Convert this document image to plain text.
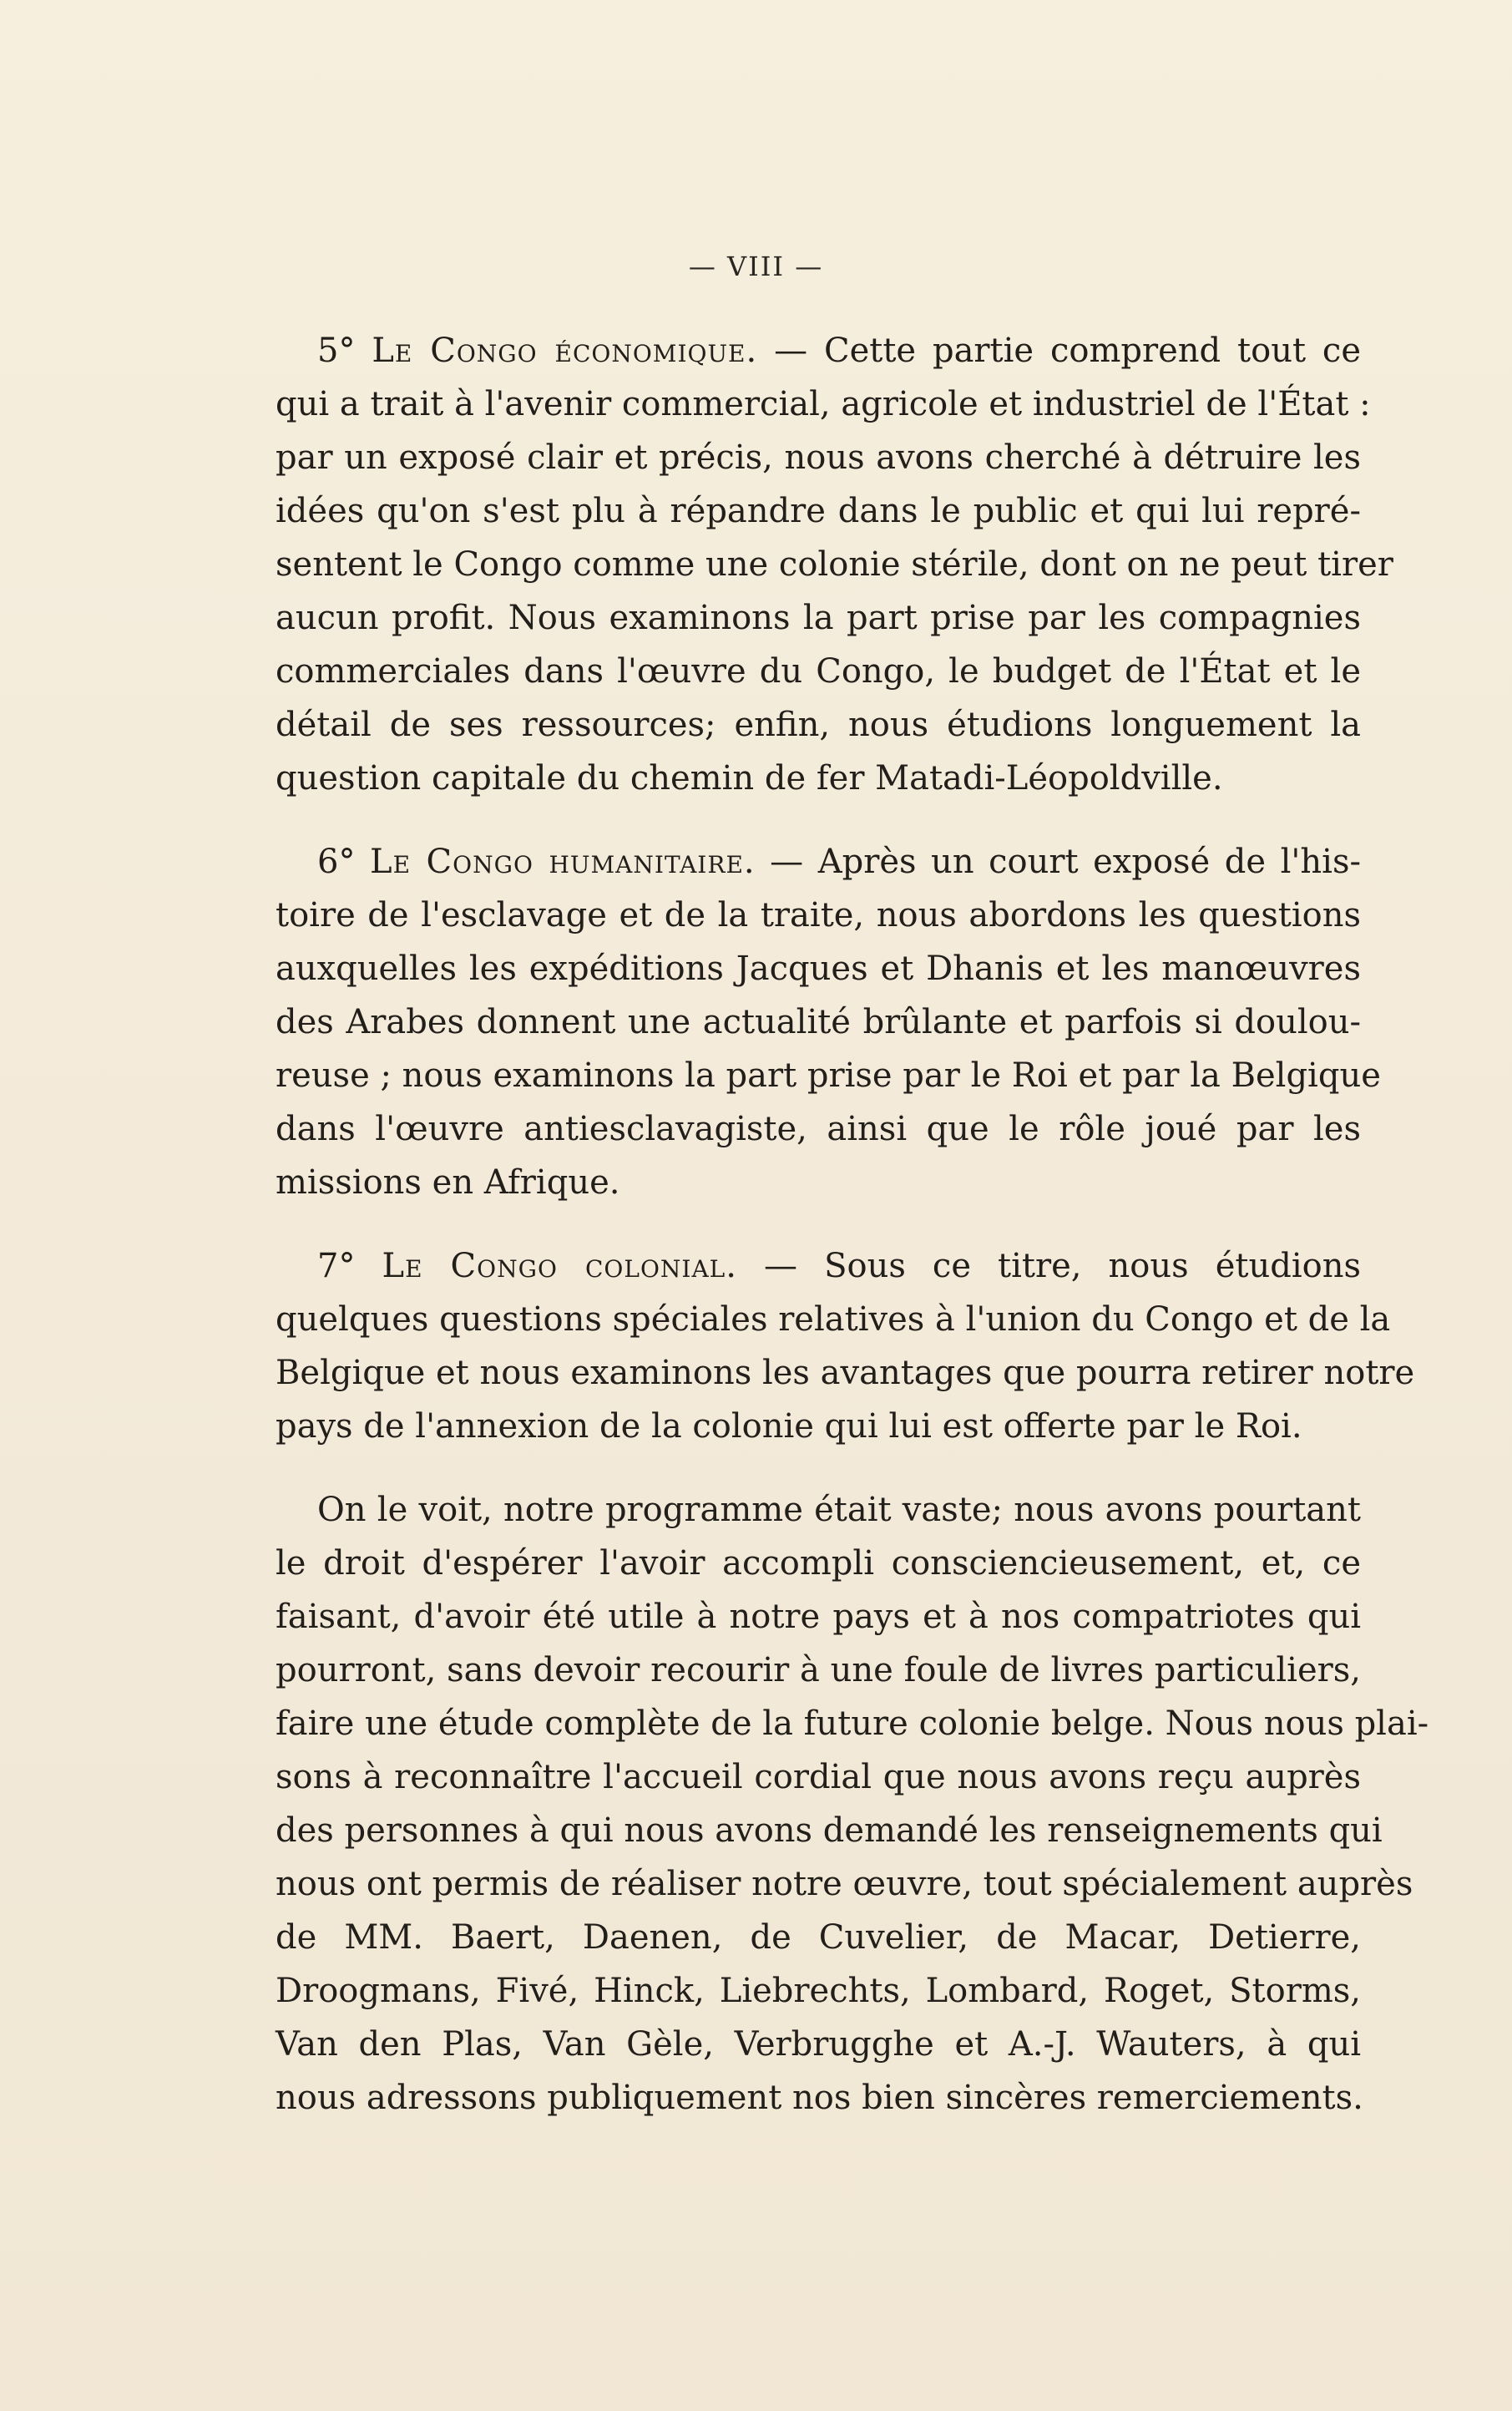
— VIII —
5° Le Congo économique. — Cette partie comprend tout ce
qui a trait à l'avenir commercial, agricole et industriel de l'État :
par un exposé clair et précis, nous avons cherché à détruire les
idées qu'on s'est plu à répandre dans le public et qui lui repré-
sentent le Congo comme une colonie stérile, dont on ne peut tirer
aucun profit. Nous examinons la part prise par les compagnies
commerciales dans l'œuvre du Congo, le budget de l'État et le
détail de ses ressources; enfin, nous étudions longuement la
question capitale du chemin de fer Matadi-Léopoldville.
6° Le Congo humanitaire. — Après un court exposé de l'his-
toire de l'esclavage et de la traite, nous abordons les questions
auxquelles les expéditions Jacques et Dhanis et les manœuvres
des Arabes donnent une actualité brûlante et parfois si doulou-
reuse ; nous examinons la part prise par le Roi et par la Belgique
dans l'œuvre antiesclavagiste, ainsi que le rôle joué par les
missions en Afrique.
7° Le Congo colonial. — Sous ce titre, nous étudions
quelques questions spéciales relatives à l'union du Congo et de la
Belgique et nous examinons les avantages que pourra retirer notre
pays de l'annexion de la colonie qui lui est offerte par le Roi.
On le voit, notre programme était vaste; nous avons pourtant
le droit d'espérer l'avoir accompli consciencieusement, et, ce
faisant, d'avoir été utile à notre pays et à nos compatriotes qui
pourront, sans devoir recourir à une foule de livres particuliers,
faire une étude complète de la future colonie belge. Nous nous plai-
sons à reconnaître l'accueil cordial que nous avons reçu auprès
des personnes à qui nous avons demandé les renseignements qui
nous ont permis de réaliser notre œuvre, tout spécialement auprès
de MM. Baert, Daenen, de Cuvelier, de Macar, Detierre,
Droogmans, Fivé, Hinck, Liebrechts, Lombard, Roget, Storms,
Van den Plas, Van Gèle, Verbrugghe et A.-J. Wauters, à qui
nous adressons publiquement nos bien sincères remerciements.
